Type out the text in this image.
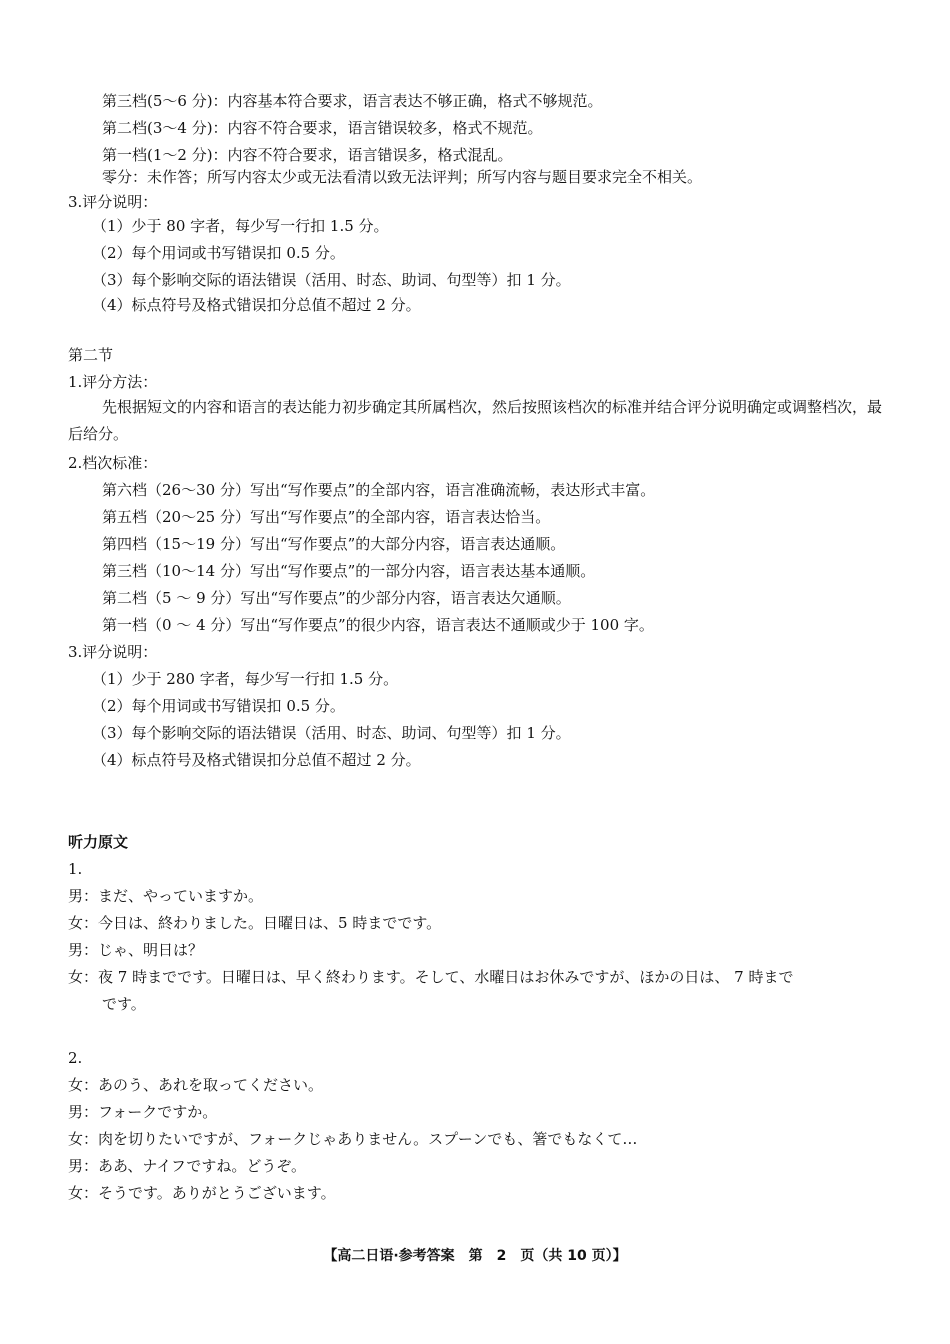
第三档(5～6 分)：内容基本符合要求，语言表达不够正确，格式不够规范。
第二档(3～4 分)：内容不符合要求，语言错误较多，格式不规范。
第一档(1～2 分)：内容不符合要求，语言错误多，格式混乱。
零分：未作答；所写内容太少或无法看清以致无法评判；所写内容与题目要求完全不相关。
3.评分说明：
（1）少于 80 字者，每少写一行扣 1.5 分。
（2）每个用词或书写错误扣 0.5 分。
（3）每个影响交际的语法错误（活用、时态、助词、句型等）扣 1 分。
（4）标点符号及格式错误扣分总值不超过 2 分。
第二节
1.评分方法：
先根据短文的内容和语言的表达能力初步确定其所属档次，然后按照该档次的标准并结合评分说明确定或调整档次，最后给分。
2.档次标准：
第六档（26～30 分）写出“写作要点”的全部内容，语言准确流畅，表达形式丰富。
第五档（20～25 分）写出“写作要点”的全部内容，语言表达恰当。
第四档（15～19 分）写出“写作要点”的大部分内容，语言表达通顺。
第三档（10～14 分）写出“写作要点”的一部分内容，语言表达基本通顺。
第二档（5 ～ 9 分）写出“写作要点”的少部分内容，语言表达欠通顺。
第一档（0 ～ 4 分）写出“写作要点”的很少内容，语言表达不通顺或少于 100 字。
3.评分说明：
（1）少于 280 字者，每少写一行扣 1.5 分。
（2）每个用词或书写错误扣 0.5 分。
（3）每个影响交际的语法错误（活用、时态、助词、句型等）扣 1 分。
（4）标点符号及格式错误扣分总值不超过 2 分。
听力原文
1.
男：まだ、やっていますか。
女：今日は、終わりました。日曜日は、5 時までです。
男：じゃ、明日は？
女：夜 7 時までです。日曜日は、早く終わります。そして、水曜日はお休みですが、ほかの日は、 7 時まで
です。
2.
女：あのう、あれを取ってください。
男：フォークですか。
女：肉を切りたいですが、フォークじゃありません。スプーンでも、箸でもなくて…
男：ああ、ナイフですね。どうぞ。
女：そうです。ありがとうございます。
【高二日语·参考答案　第　2　页（共 10 页）】
